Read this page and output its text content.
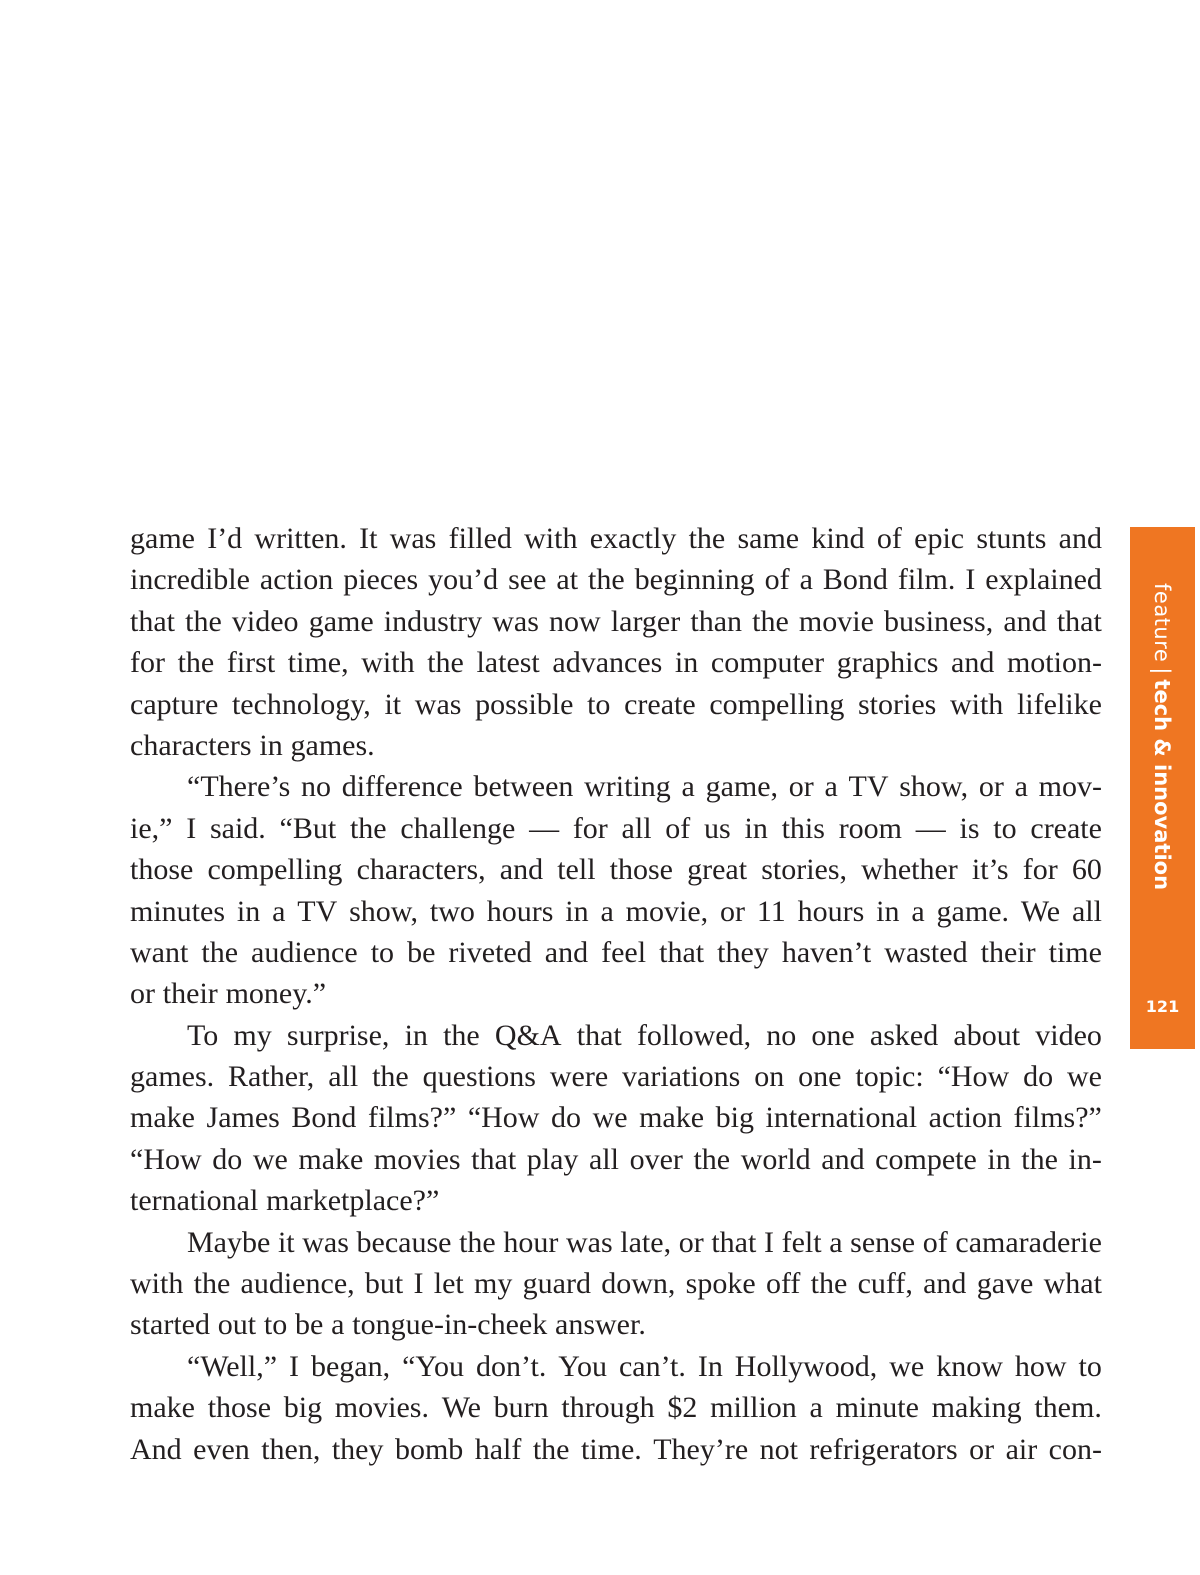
game I’d written. It was filled with exactly the same kind of epic stunts and
incredible action pieces you’d see at the beginning of a Bond film. I explained
that the video game industry was now larger than the movie business, and that
for the first time, with the latest advances in computer graphics and motion-
capture technology, it was possible to create compelling stories with lifelike
characters in games.
“There’s no difference between writing a game, or a TV show, or a mov-
ie,” I said. “But the challenge — for all of us in this room — is to create
those compelling characters, and tell those great stories, whether it’s for 60
minutes in a TV show, two hours in a movie, or 11 hours in a game. We all
want the audience to be riveted and feel that they haven’t wasted their time
or their money.”
To my surprise, in the Q&A that followed, no one asked about video
games. Rather, all the questions were variations on one topic: “How do we
make James Bond films?” “How do we make big international action films?”
“How do we make movies that play all over the world and compete in the in-
ternational marketplace?”
Maybe it was because the hour was late, or that I felt a sense of camaraderie
with the audience, but I let my guard down, spoke off the cuff, and gave what
started out to be a tongue-in-cheek answer.
“Well,” I began, “You don’t. You can’t. In Hollywood, we know how to
make those big movies. We burn through $2 million a minute making them.
And even then, they bomb half the time. They’re not refrigerators or air con-
feature|tech & innovation
121
